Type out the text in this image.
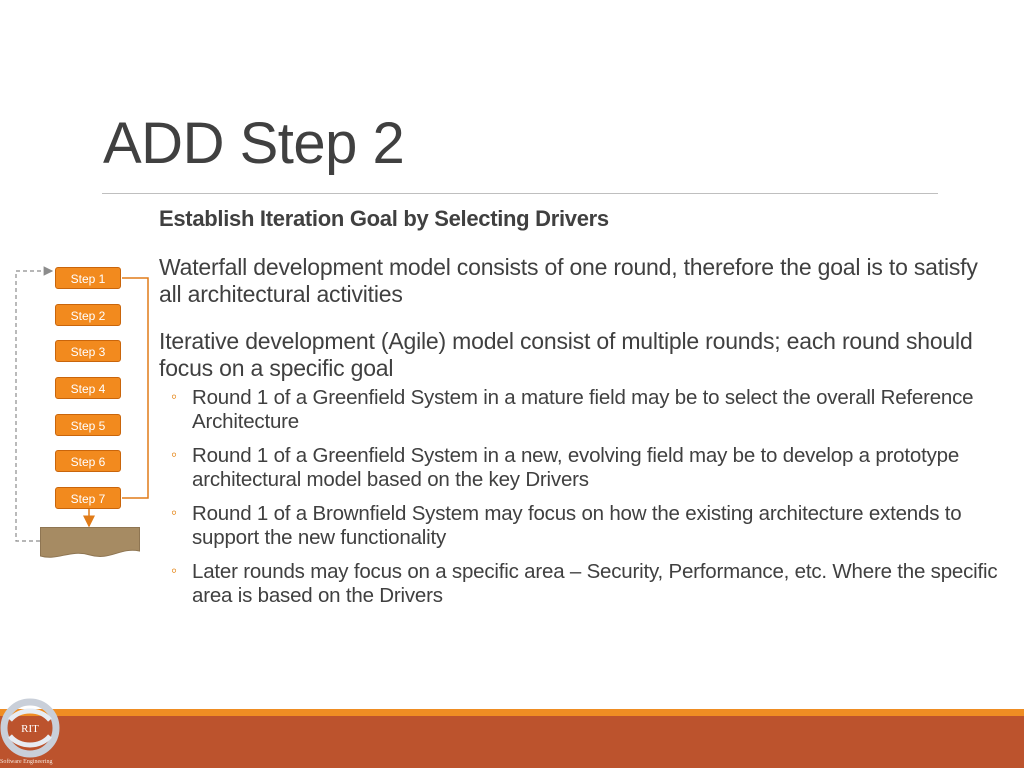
ADD Step 2
Establish Iteration Goal by Selecting Drivers

Waterfall development model consists of one round, therefore the goal is to satisfy all architectural activities

Iterative development (Agile) model consist of multiple rounds; each round should focus on a specific goal

◦ Round 1 of a Greenfield System in a mature field may be to select the overall Reference Architecture
◦ Round 1 of a Greenfield System in a new, evolving field may be to develop a prototype architectural model based on the key Drivers
◦ Round 1 of a Brownfield System may focus on how the existing architecture extends to support the new functionality
◦ Later rounds may focus on a specific area – Security, Performance, etc. Where the specific area is based on the Drivers
Step 1
Step 2
Step 3
Step 4
Step 5
Step 6
Step 7
RIT
Software Engineering
